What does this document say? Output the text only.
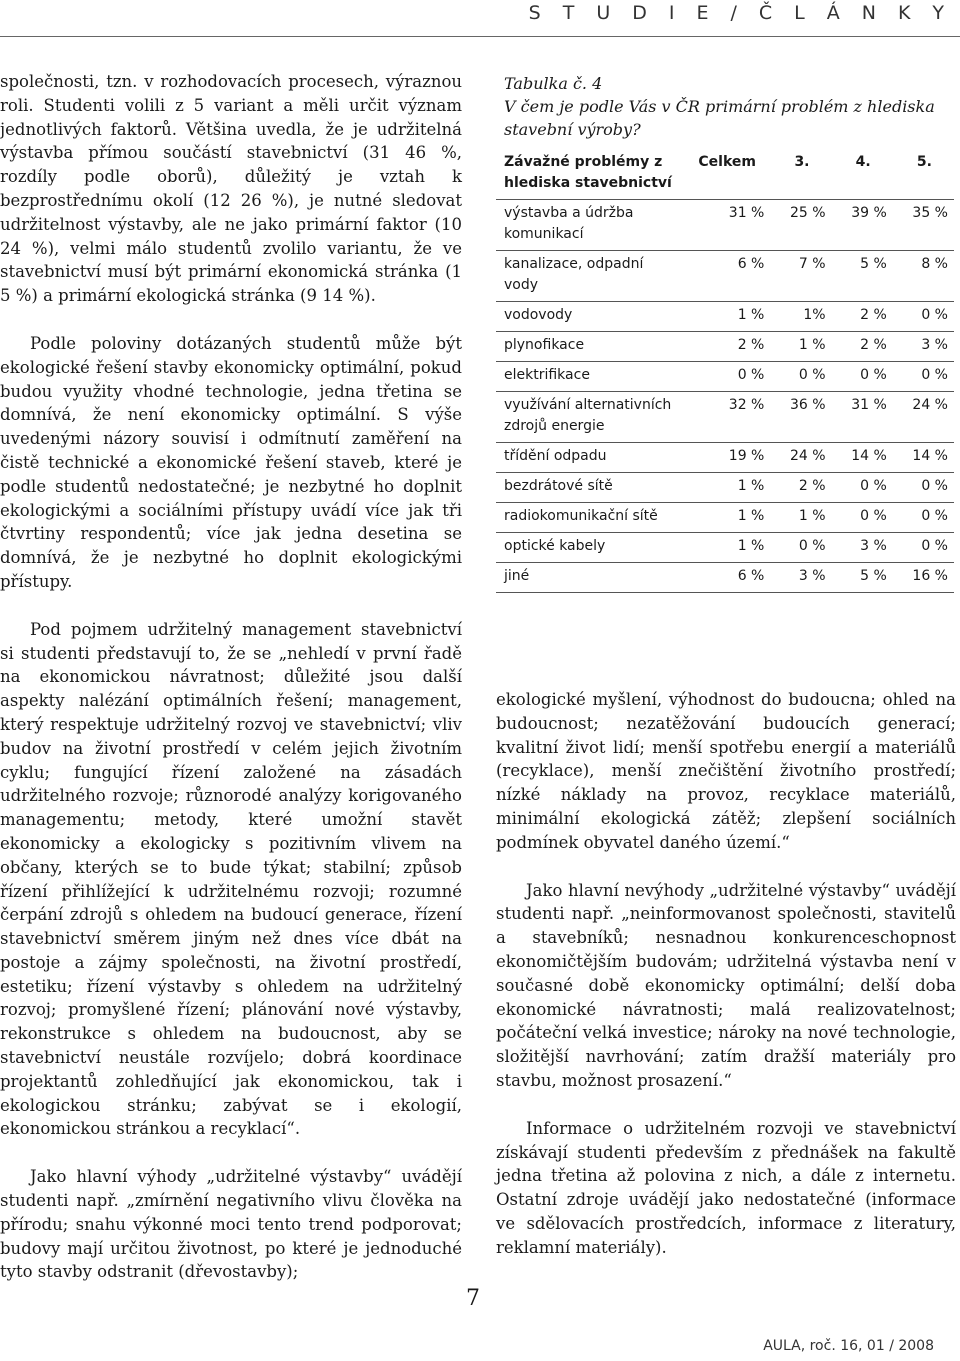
S T U D I E / Č L Á N K Y

společnosti, tzn. v rozhodovacích procesech, výraznou roli. Studenti volili z 5 variant a měli určit význam jednotlivých faktorů. Většina uvedla, že je udržitelná výstavba přímou součástí stavebnictví (31 46 %, rozdíly podle oborů), důležitý je vztah k bezprostřednímu okolí (12 26 %), je nutné sledovat udržitelnost výstavby, ale ne jako primární faktor (10 24 %), velmi málo studentů zvolilo variantu, že ve stavebnictví musí být primární ekonomická stránka (1 5 %) a primární ekologická stránka (9 14 %).

Podle poloviny dotázaných studentů může být ekologické řešení stavby ekonomicky optimální, pokud budou využity vhodné technologie, jedna třetina se domnívá, že není ekonomicky optimální. S výše uvedenými názory souvisí i odmítnutí zaměření na čistě technické a ekonomické řešení staveb, které je podle studentů nedostatečné; je nezbytné ho doplnit ekologickými a sociálními přístupy uvádí více jak tři čtvrtiny respondentů; více jak jedna desetina se domnívá, že je nezbytné ho doplnit ekologickými přístupy.

Pod pojmem udržitelný management stavebnictví si studenti představují to, že se „nehledí v první řadě na ekonomickou návratnost; důležité jsou další aspekty nalézání optimálních řešení; management, který respektuje udržitelný rozvoj ve stavebnictví; vliv budov na životní prostředí v celém jejich životním cyklu; fungující řízení založené na zásadách udržitelného rozvoje; různorodé analýzy korigovaného managementu; metody, které umožní stavět ekonomicky a ekologicky s pozitivním vlivem na občany, kterých se to bude týkat; stabilní; způsob řízení přihlížející k udržitelnému rozvoji; rozumné čerpání zdrojů s ohledem na budoucí generace, řízení stavebnictví směrem jiným než dnes více dbát na postoje a zájmy společnosti, na životní prostředí, estetiku; řízení výstavby s ohledem na udržitelný rozvoj; promyšlené řízení; plánování nové výstavby, rekonstrukce s ohledem na budoucnost, aby se stavebnictví neustále rozvíjelo; dobrá koordinace projektantů zohledňující jak ekonomickou, tak i ekologickou stránku; zabývat se i ekologií, ekonomickou stránkou a recyklací“.

Jako hlavní výhody „udržitelné výstavby“ uvádějí studenti např. „zmírnění negativního vlivu člověka na přírodu; snahu výkonné moci tento trend podporovat; budovy mají určitou životnost, po které je jednoduché tyto stavby odstranit (dřevostavby);

Tabulka č. 4
V čem je podle Vás v ČR primární problém z hlediska stavební výroby?
Závažné problémy z hlediska stavebnictví	Celkem	3.	4.	5.
výstavba a údržba komunikací	31 %	25 %	39 %	35 %
kanalizace, odpadní vody	6 %	7 %	5 %	8 %
vodovody	1 %	1%	2 %	0 %
plynofikace	2 %	1 %	2 %	3 %
elektrifikace	0 %	0 %	0 %	0 %
využívání alternativních zdrojů energie	32 %	36 %	31 %	24 %
třídění odpadu	19 %	24 %	14 %	14 %
bezdrátové sítě	1 %	2 %	0 %	0 %
radiokomunikační sítě	1 %	1 %	0 %	0 %
optické kabely	1 %	0 %	3 %	0 %
jiné	6 %	3 %	5 %	16 %

ekologické myšlení, výhodnost do budoucna; ohled na budoucnost; nezatěžování budoucích generací; kvalitní život lidí; menší spotřebu energií a materiálů (recyklace), menší znečištění životního prostředí; nízké náklady na provoz, recyklace materiálů, minimální ekologická zátěž; zlepšení sociálních podmínek obyvatel daného území.“

Jako hlavní nevýhody „udržitelné výstavby“ uvádějí studenti např. „neinformovanost společnosti, stavitelů a stavebníků; nesnadnou konkurenceschopnost ekonomičtějším budovám; udržitelná výstavba není v současné době ekonomicky optimální; delší doba ekonomické návratnosti; malá realizovatelnost; počáteční velká investice; nároky na nové technologie, složitější navrhování; zatím dražší materiály pro stavbu, možnost prosazení.“

Informace o udržitelném rozvoji ve stavebnictví získávají studenti především z přednášek na fakultě jedna třetina až polovina z nich, a dále z internetu. Ostatní zdroje uvádějí jako nedostatečné (informace ve sdělovacích prostředcích, informace z literatury, reklamní materiály).

7
AULA, roč. 16, 01 / 2008
